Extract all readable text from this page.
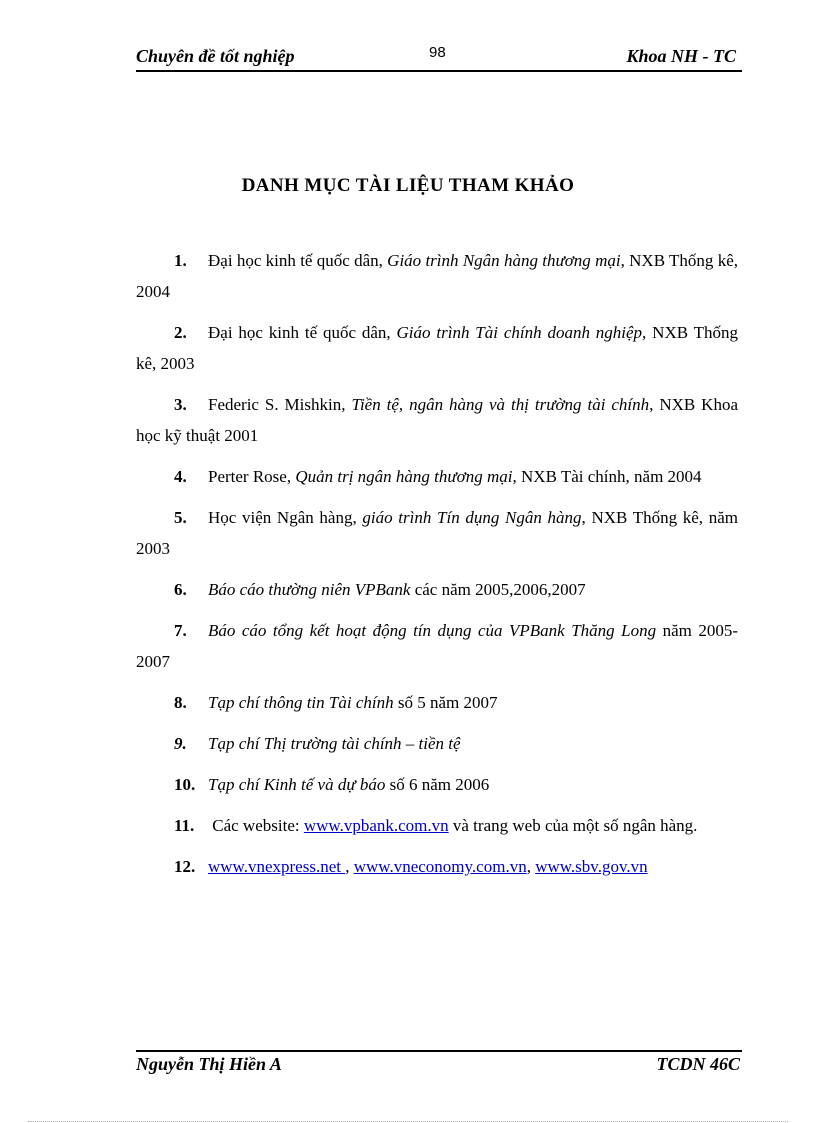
Chuyên đề tốt nghiệp	98	Khoa NH - TC
DANH MỤC TÀI LIỆU THAM KHẢO

1. Đại học kinh tế quốc dân, Giáo trình Ngân hàng thương mại, NXB Thống kê, 2004

2. Đại học kinh tế quốc dân, Giáo trình Tài chính doanh nghiệp, NXB Thống kê, 2003

3. Federic S. Mishkin, Tiền tệ, ngân hàng và thị trường tài chính, NXB Khoa học kỹ thuật 2001

4. Perter Rose, Quản trị ngân hàng thương mại, NXB Tài chính, năm 2004

5. Học viện Ngân hàng, giáo trình Tín dụng Ngân hàng, NXB Thống kê, năm 2003

6. Báo cáo thường niên VPBank các năm 2005,2006,2007

7. Báo cáo tổng kết hoạt động tín dụng của VPBank Thăng Long năm 2005-2007

8. Tạp chí thông tin Tài chính số 5 năm 2007

9. Tạp chí Thị trường tài chính – tiền tệ

10. Tạp chí Kinh tế và dự báo số 6 năm 2006

11. Các website: www.vpbank.com.vn và trang web của một số ngân hàng.

12. www.vnexpress.net , www.vneconomy.com.vn, www.sbv.gov.vn

Nguyễn Thị Hiền A	TCDN 46C
